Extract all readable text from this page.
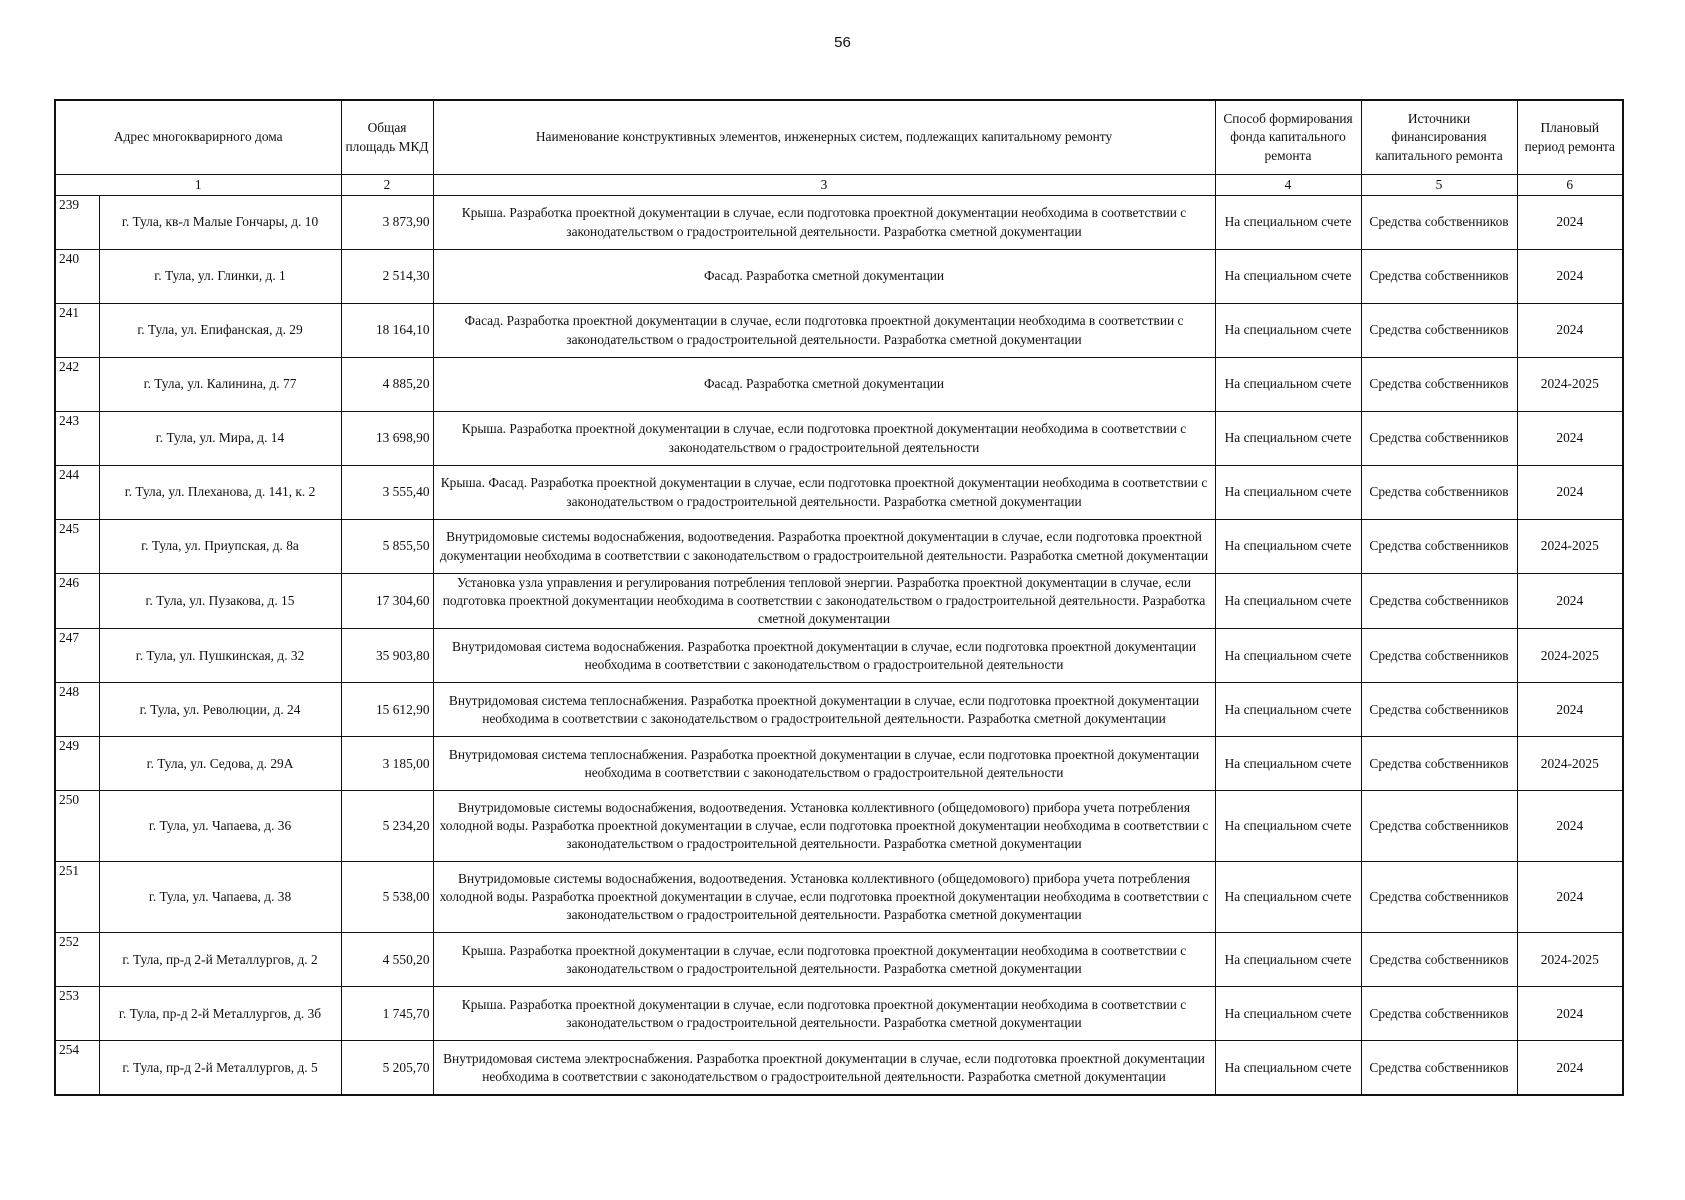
56
Адрес многоквариpного дома		Общая площадь МКД	Наименование конструктивных элементов, инженерных систем, подлежащих капитальному ремонту	Способ формирования фонда капитального ремонта	Источники финансирования капитального ремонта	Плановый период ремонта
1		2	3	4	5	6
239	г. Тула, кв-л Малые Гончары, д. 10	3 873,90	Крыша. Разработка проектной документации в случае, если подготовка проектной документации необходима в соответствии с законодательством о градостроительной деятельности. Разработка сметной документации	На специальном счете	Средства собственников	2024
240	г. Тула, ул. Глинки, д. 1	2 514,30	Фасад. Разработка сметной документации	На специальном счете	Средства собственников	2024
241	г. Тула, ул. Епифанская, д. 29	18 164,10	Фасад. Разработка проектной документации в случае, если подготовка проектной документации необходима в соответствии с законодательством о градостроительной деятельности. Разработка сметной документации	На специальном счете	Средства собственников	2024
242	г. Тула, ул. Калинина, д. 77	4 885,20	Фасад. Разработка сметной документации	На специальном счете	Средства собственников	2024-2025
243	г. Тула, ул. Мира, д. 14	13 698,90	Крыша. Разработка проектной документации в случае, если подготовка проектной документации необходима в соответствии с законодательством о градостроительной деятельности	На специальном счете	Средства собственников	2024
244	г. Тула, ул. Плеханова, д. 141, к. 2	3 555,40	Крыша. Фасад. Разработка проектной документации в случае, если подготовка проектной документации необходима в соответствии с законодательством о градостроительной деятельности. Разработка сметной документации	На специальном счете	Средства собственников	2024
245	г. Тула, ул. Приупская, д. 8а	5 855,50	Внутридомовые системы водоснабжения, водоотведения. Разработка проектной документации в случае, если подготовка проектной документации необходима в соответствии с законодательством о градостроительной деятельности. Разработка сметной документации	На специальном счете	Средства собственников	2024-2025
246	г. Тула, ул. Пузакова, д. 15	17 304,60	Установка узла управления и регулирования потребления тепловой энергии. Разработка проектной документации в случае, если подготовка проектной документации необходима в соответствии с законодательством о градостроительной деятельности. Разработка сметной документации	На специальном счете	Средства собственников	2024
247	г. Тула, ул. Пушкинская, д. 32	35 903,80	Внутридомовая система водоснабжения. Разработка проектной документации в случае, если подготовка проектной документации необходима в соответствии с законодательством о градостроительной деятельности	На специальном счете	Средства собственников	2024-2025
248	г. Тула, ул. Революции, д. 24	15 612,90	Внутридомовая система теплоснабжения. Разработка проектной документации в случае, если подготовка проектной документации необходима в соответствии с законодательством о градостроительной деятельности. Разработка сметной документации	На специальном счете	Средства собственников	2024
249	г. Тула, ул. Седова, д. 29А	3 185,00	Внутридомовая система теплоснабжения. Разработка проектной документации в случае, если подготовка проектной документации необходима в соответствии с законодательством о градостроительной деятельности	На специальном счете	Средства собственников	2024-2025
250	г. Тула, ул. Чапаева, д. 36	5 234,20	Внутридомовые системы водоснабжения, водоотведения. Установка коллективного (общедомового) прибора учета потребления холодной воды. Разработка проектной документации в случае, если подготовка проектной документации необходима в соответствии с законодательством о градостроительной деятельности. Разработка сметной документации	На специальном счете	Средства собственников	2024
251	г. Тула, ул. Чапаева, д. 38	5 538,00	Внутридомовые системы водоснабжения, водоотведения. Установка коллективного (общедомового) прибора учета потребления холодной воды. Разработка проектной документации в случае, если подготовка проектной документации необходима в соответствии с законодательством о градостроительной деятельности. Разработка сметной документации	На специальном счете	Средства собственников	2024
252	г. Тула, пр-д 2-й Металлургов, д. 2	4 550,20	Крыша. Разработка проектной документации в случае, если подготовка проектной документации необходима в соответствии с законодательством о градостроительной деятельности. Разработка сметной документации	На специальном счете	Средства собственников	2024-2025
253	г. Тула, пр-д 2-й Металлургов, д. 3б	1 745,70	Крыша. Разработка проектной документации в случае, если подготовка проектной документации необходима в соответствии с законодательством о градостроительной деятельности. Разработка сметной документации	На специальном счете	Средства собственников	2024
254	г. Тула, пр-д 2-й Металлургов, д. 5	5 205,70	Внутридомовая система электроснабжения. Разработка проектной документации в случае, если подготовка проектной документации необходима в соответствии с законодательством о градостроительной деятельности. Разработка сметной документации	На специальном счете	Средства собственников	2024
